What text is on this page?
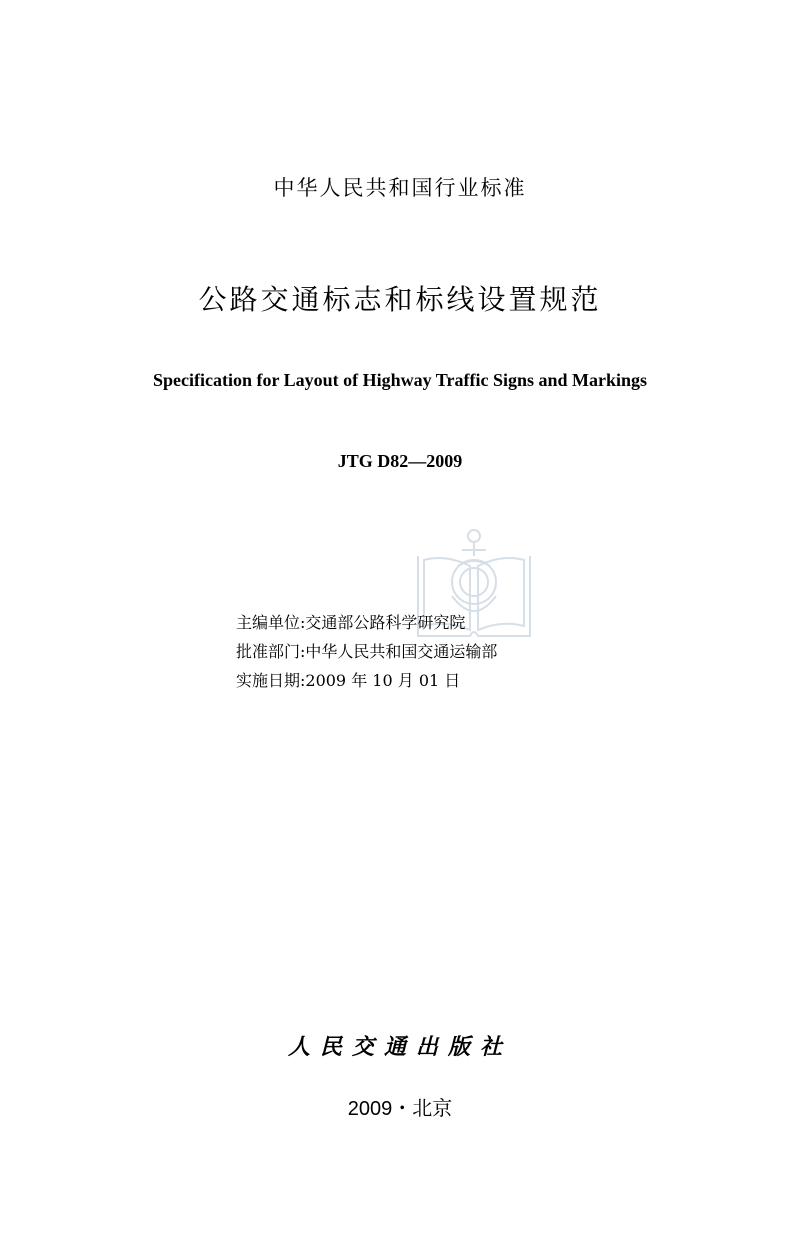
中华人民共和国行业标准
公路交通标志和标线设置规范
Specification for Layout of Highway Traffic Signs and Markings
JTG D82—2009
主编单位:交通部公路科学研究院
批准部门:中华人民共和国交通运输部
实施日期:2009 年 10 月 01 日
人民交通出版社
2009・北京
